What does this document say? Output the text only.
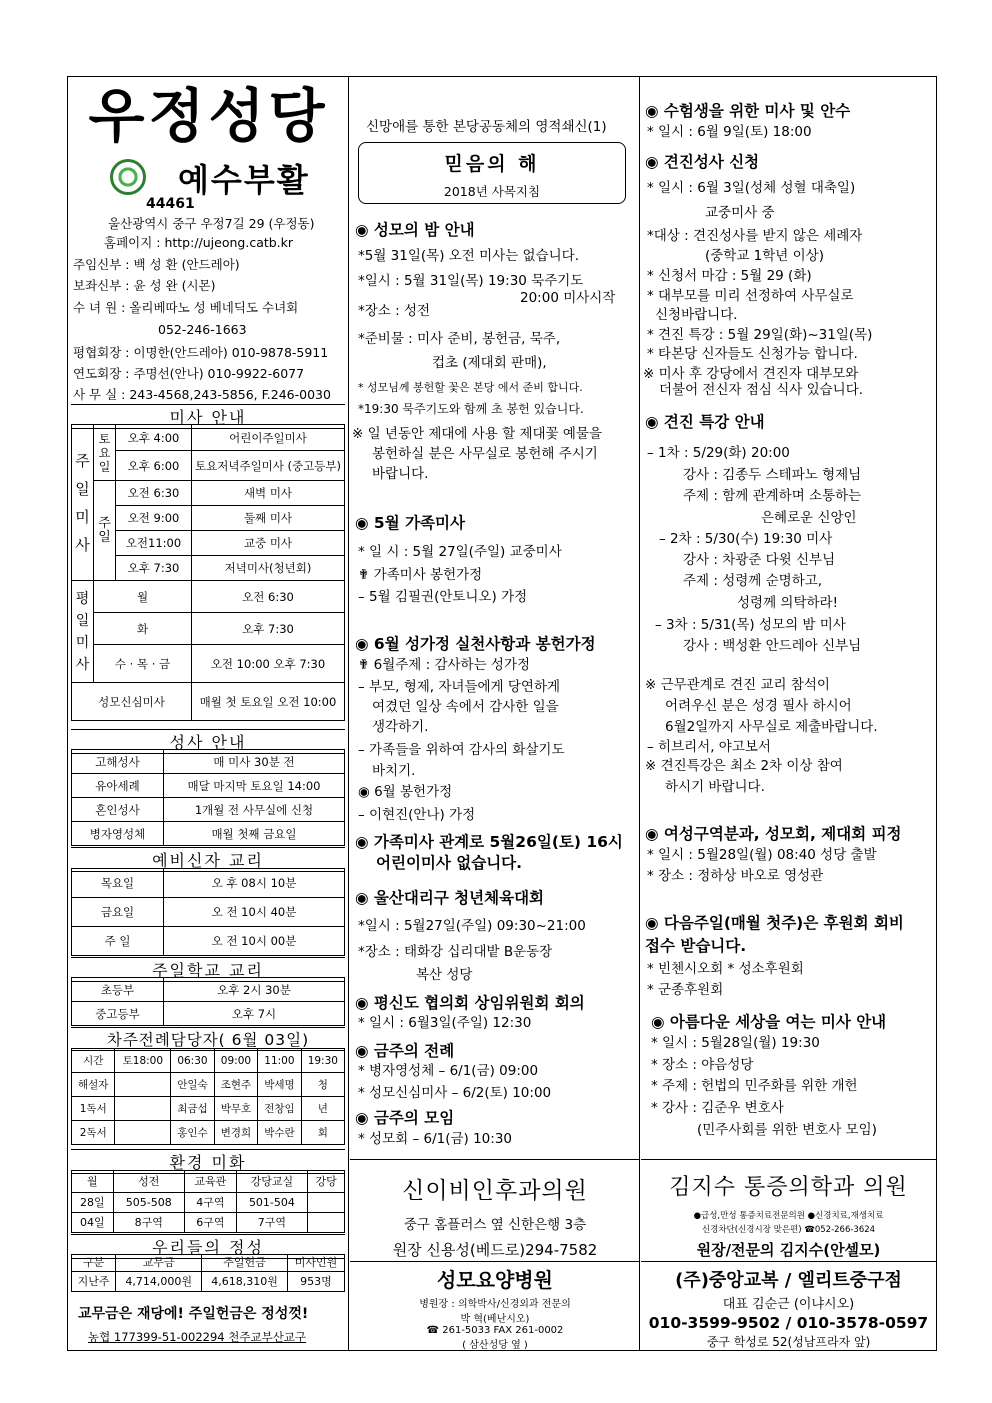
우정성당
예수부활
44461
울산광역시 중구 우정7길 29 (우정동)
홈페이지 : http://ujeong.catb.kr
주임신부 : 백 성 환 (안드레아)
보좌신부 : 윤 성 완 (시몬)
수 녀 원 : 올리베따노 성 베네딕도 수녀회
052-246-1663
평협회장 : 이명한(안드레아) 010-9878-5911
연도회장 : 주명선(안나) 010-9922-6077
사 무 실 : 243-4568,243-5856, F.246-0030
미사 안내
주일미사	토요일	오후 4:00	어린이주일미사
		오후 6:00	토요저녁주일미사 (중고등부)
	주일	오전 6:30	새벽 미사
		오전 9:00	둘째 미사
		오전11:00	교중 미사
		오후 7:30	저녁미사(청년회)
평일미사	월		오전 6:30
	화		오후 7:30
	수 · 목 · 금		오전 10:00 오후 7:30
성모신심미사			매월 첫 토요일 오전 10:00
성사 안내
고해성사	매 미사 30분 전
유아세례	매달 마지막 토요일 14:00
혼인성사	1개월 전 사무실에 신청
병자영성체	매월 첫째 금요일
예비신자 교리
목요일	오 후 08시 10분
금요일	오 전 10시 40분
주 일	오 전 10시 00분
주일학교 교리
초등부	오후 2시 30분
중고등부	오후 7시
차주전례담당자( 6월 03일)
시간	토18:00	06:30	09:00	11:00	19:30
해설자		안일숙	조현주	박세명	청
1독서		최금섭	박무호	전창임	년
2독서		홍인수	변경희	박수란	회
환경 미화
월	성전	교육관	강당교실	강당
28일	505-508	4구역	501-504	
04일	8구역	6구역	7구역	
우리들의 정성
구분	교무금	주일헌금	미사인원
지난주	4,714,000원	4,618,310원	953명
교무금은 재당에! 주일헌금은 정성껏!
농협 177399-51-002294 천주교부산교구
신망애를 통한 본당공동체의 영적쇄신(1)
믿음의 해
2018년 사목지침
◉ 성모의 밤 안내
*5월 31일(목) 오전 미사는 없습니다.
*일시 : 5월 31일(목) 19:30 묵주기도
20:00 미사시작
*장소 : 성전
*준비물 : 미사 준비, 봉헌금, 묵주,
컵초 (제대회 판매),
* 성모님께 봉헌할 꽃은 본당 에서 준비 합니다.
*19:30 묵주기도와 함께 초 봉헌 있습니다.
※ 일 년동안 제대에 사용 할 제대꽃 예물을
봉헌하실 분은 사무실로 봉헌해 주시기
바랍니다.
◉ 5월 가족미사
* 일 시 : 5월 27일(주일) 교중미사
✟ 가족미사 봉헌가정
– 5월 김필권(안토니오) 가정
◉ 6월 성가정 실천사항과 봉헌가정
✟ 6월주제 : 감사하는 성가정
– 부모, 형제, 자녀들에게 당연하게
여겼던 일상 속에서 감사한 일을
생각하기.
– 가족들을 위하여 감사의 화살기도
바치기.
◉ 6월 봉헌가정
– 이현진(안나) 가정
◉ 가족미사 관계로 5월26일(토) 16시
어린이미사 없습니다.
◉ 울산대리구 청년체육대회
*일시 : 5월27일(주일) 09:30~21:00
*장소 : 태화강 십리대밭 B운동장
복산 성당
◉ 평신도 협의회 상임위원회 회의
* 일시 : 6월3일(주일) 12:30
◉ 금주의 전례
* 병자영성체 – 6/1(금) 09:00
* 성모신심미사 – 6/2(토) 10:00
◉ 금주의 모임
* 성모회 – 6/1(금) 10:30
신이비인후과의원
중구 홈플러스 옆 신한은행 3층
원장 신용성(베드로)294-7582
성모요양병원
병원장 : 의학박사/신경외과 전문의
박 혁(베난시오)
☎ 261-5033 FAX 261-0002
( 삼산성당 옆 )
◉ 수험생을 위한 미사 및 안수
* 일시 : 6월 9일(토) 18:00
◉ 견진성사 신청
* 일시 : 6월 3일(성체 성혈 대축일)
교중미사 중
*대상 : 견진성사를 받지 않은 세례자
(중학교 1학년 이상)
* 신청서 마감 : 5월 29 (화)
* 대부모를 미리 선정하여 사무실로
신청바랍니다.
* 견진 특강 : 5월 29일(화)~31일(목)
* 타본당 신자들도 신청가능 합니다.
※ 미사 후 강당에서 견진자 대부모와
더불어 전신자 점심 식사 있습니다.
◉ 견진 특강 안내
– 1차 : 5/29(화) 20:00
강사 : 김종두 스테파노 형제님
주제 : 함께 관계하며 소통하는
은혜로운 신앙인
– 2차 : 5/30(수) 19:30 미사
강사 : 차광준 다윗 신부님
주제 : 성령께 순명하고,
성령께 의탁하라!
– 3차 : 5/31(목) 성모의 밤 미사
강사 : 백성환 안드레아 신부님
※ 근무관계로 견진 교리 참석이
어려우신 분은 성경 필사 하시어
6월2일까지 사무실로 제출바랍니다.
– 히브리서, 야고보서
※ 견진특강은 최소 2차 이상 참여
하시기 바랍니다.
◉ 여성구역분과, 성모회, 제대회 피정
* 일시 : 5월28일(월) 08:40 성당 출발
* 장소 : 정하상 바오로 영성관
◉ 다음주일(매월 첫주)은 후원회 회비
접수 받습니다.
* 빈첸시오회 * 성소후원회
* 군종후원회
◉ 아름다운 세상을 여는 미사 안내
* 일시 : 5월28일(월) 19:30
* 장소 : 야음성당
* 주제 : 헌법의 민주화를 위한 개헌
* 강사 : 김준우 변호사
(민주사회를 위한 변호사 모임)
김지수 통증의학과 의원
●급성,만성 통증치료전문의원 ●신경치료,재생치료
신경차단(신경시장 맞은편) ☎052-266-3624
원장/전문의 김지수(안셀모)
(주)중앙교복 / 엘리트중구점
대표 김순근 (이냐시오)
010-3599-9502 / 010-3578-0597
중구 학성로 52(성남프라자 앞)
